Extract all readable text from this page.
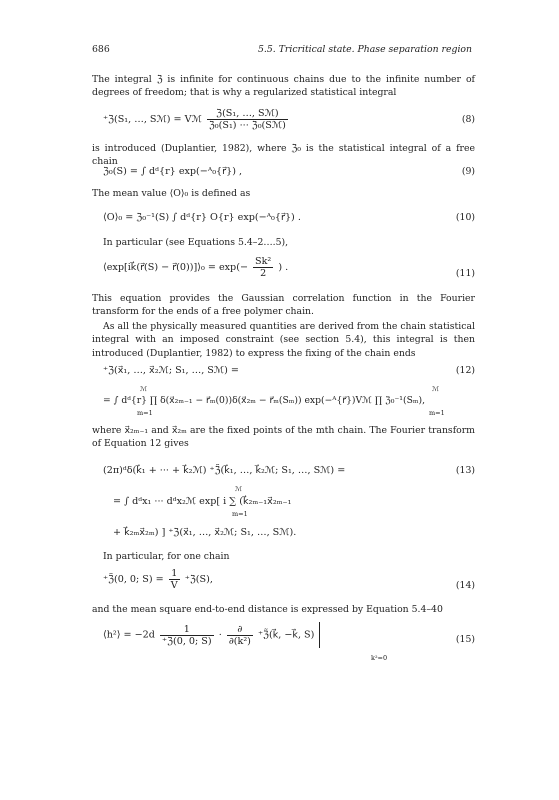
686	5.5. Tricritical state. Phase separation region
The integral ℨ is infinite for continuous chains due to the infinite number of degrees of freedom; that is why a regularized statistical integral
⁺ℨ(S₁, …, Sℳ) = Vℳ $\frac{\text{ℨ(S₁, …, Sℳ)}}{\text{ℨ₀(S₁) ··· ℨ₀(Sℳ)}}$	(8)
is introduced (Duplantier, 1982), where ℨ₀ is the statistical integral of a free chain
ℨ₀(S) = ∫ dᵈ{r} exp(−ᴬ₀{r⃗}) ,	(9)
The mean value ⟨O⟩₀ is defined as
⟨O⟩₀ = ℨ₀⁻¹(S) ∫ dᵈ{r} O{r} exp(−ᴬ₀{r⃗}) .	(10)
In particular (see Equations 5.4–2….5),
⟨exp[ik⃗(r⃗(S) − r⃗(0))]⟩₀ = $\exp(- \frac{\text{Sk²}}{2}$ ) .
(11)
This equation provides the Gaussian correlation function in the Fourier transform for the ends of a free polymer chain.
As all the physically measured quantities are derived from the chain statistical integral with an imposed constraint (see section 5.4), this integral is then introduced (Duplantier, 1982) to express the fixing of the chain ends
⁺ℨ(x⃗₁, …, x⃗₂ℳ; S₁, …, Sℳ) =	(12)
ℳ	ℳ
= ∫ dᵈ{r} ∏ δ(x⃗₂ₘ₋₁ − r⃗ₘ(0))δ(x⃗₂ₘ − r⃗ₘ(Sₘ)) exp(−ᴬ{r⃗})Vℳ ∏ ℨ₀⁻¹(Sₘ),
m=1	m=1
where x⃗₂ₘ₋₁ and x⃗₂ₘ are the fixed points of the mth chain. The Fourier transform of Equation 12 gives
(2π)ᵈδ(k⃗₁ + ··· + k⃗₂ℳ) ⁺ℨ̃(k⃗₁, …, k⃗₂ℳ; S₁, …, Sℳ) =	(13)
ℳ
= ∫ dᵈx₁ ··· dᵈx₂ℳ exp[ i ∑ (k⃗₂ₘ₋₁x⃗₂ₘ₋₁
m=1
+ k⃗₂ₘx⃗₂ₘ) ] ⁺ℨ(x⃗₁, …, x⃗₂ℳ; S₁, …, Sℳ).
In particular, for one chain
⁺ℨ̃(0, 0; $S) = \frac{1}{V}$ ⁺ℨ(S),
(14)
and the mean square end-to-end distance is expressed by Equation 5.4–40
⟨h²⟩ = $-2d \frac{1}{\text{⁺ℨ̃(0, 0; S)}} \cdot \frac{\partial}{\text{∂(k²)}}$ ⁺ℨ̃(k⃗, −k⃗, S)
k²=0
(15)
